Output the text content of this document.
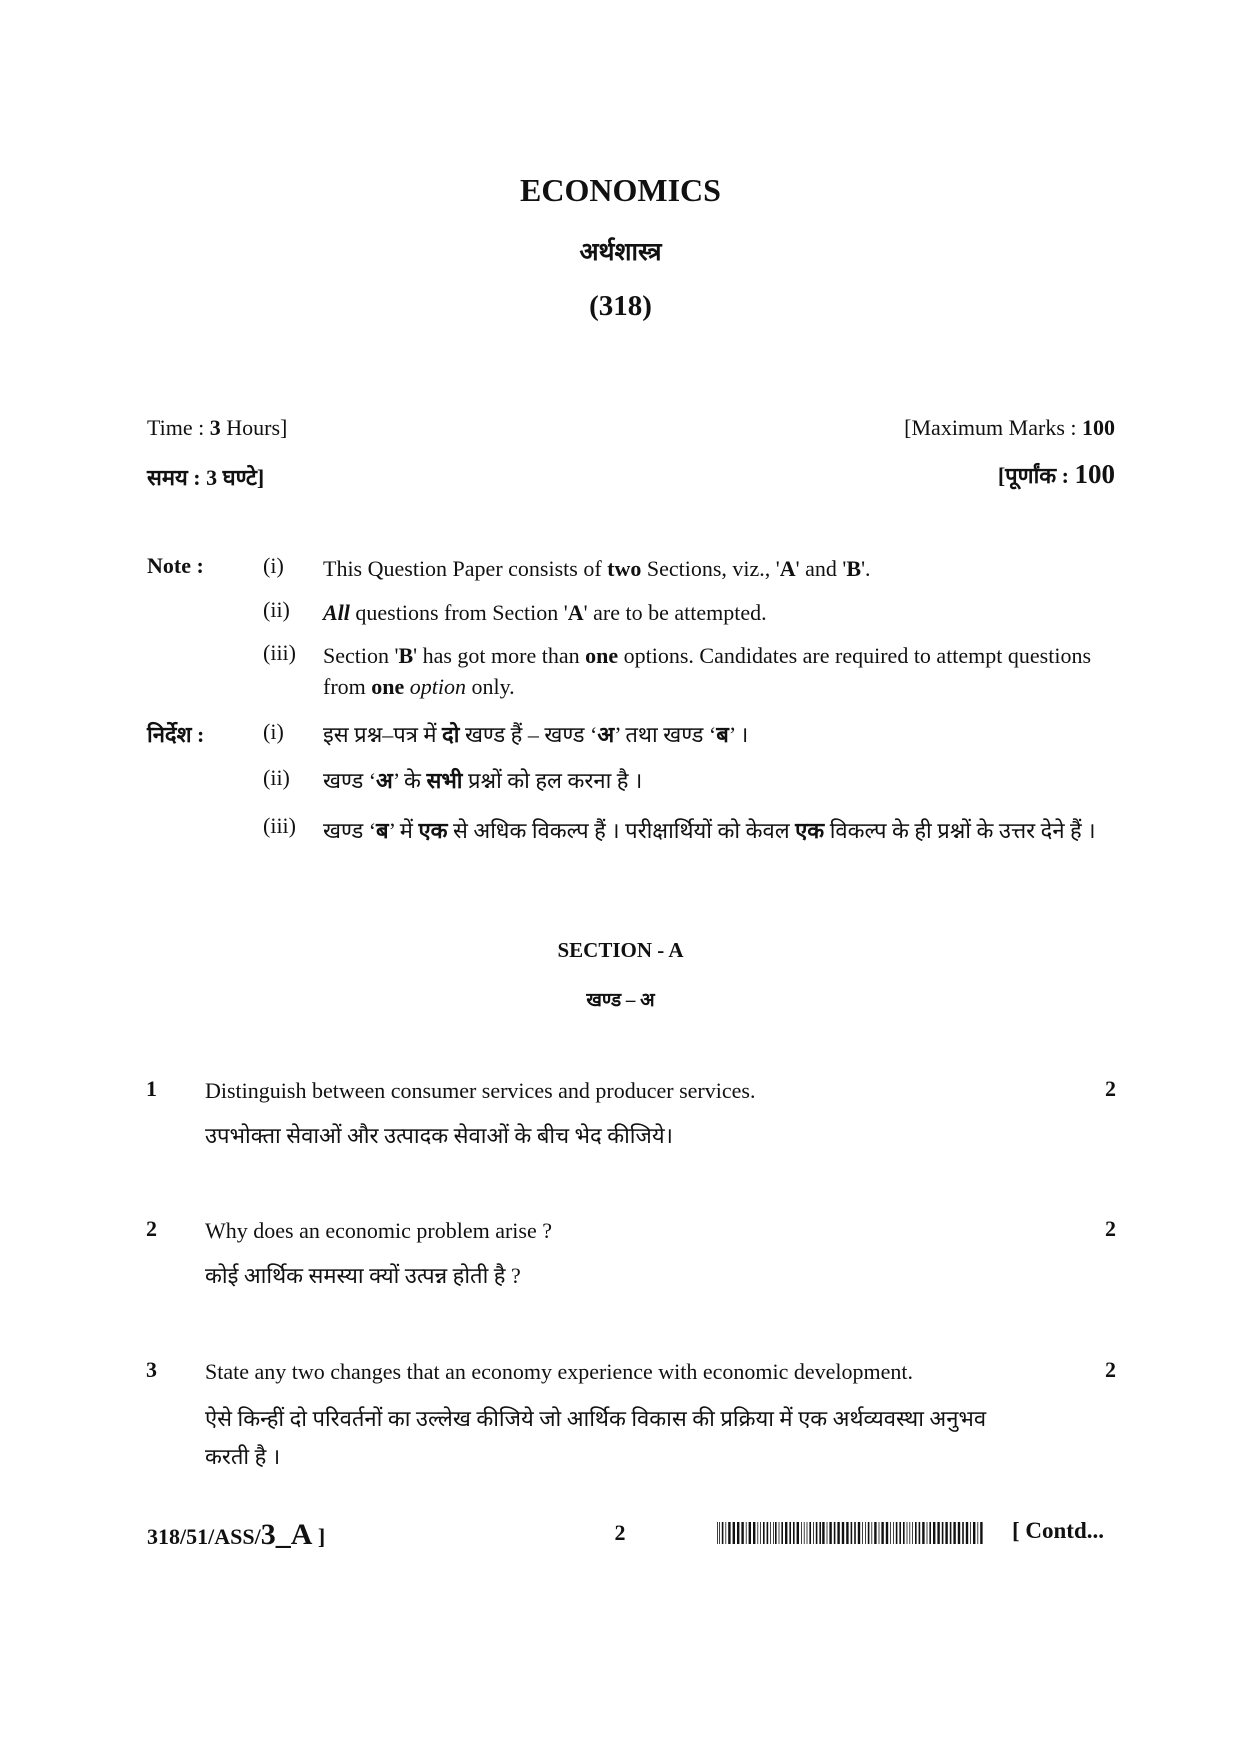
ECONOMICS
अर्थशास्त्र
(318)
Time : 3 Hours]	[Maximum Marks : 100
समय : 3 घण्टे]	[पूर्णांक : 100
Note :	(i)	This Question Paper consists of two Sections, viz., 'A' and 'B'.
(ii)	All questions from Section 'A' are to be attempted.
(iii)	Section 'B' has got more than one options. Candidates are required to attempt questions from one option only.
निर्देश :	(i)	इस प्रश्न–पत्र में दो खण्ड हैं – खण्ड ‘अ’ तथा खण्ड ‘ब’ ।
(ii)	खण्ड ‘अ’ के सभी प्रश्नों को हल करना है ।
(iii)	खण्ड ‘ब’ में एक से अधिक विकल्प हैं । परीक्षार्थियों को केवल एक विकल्प के ही प्रश्नों के उत्तर देने हैं ।
SECTION - A
खण्ड – अ
1 Distinguish between consumer services and producer services.	2
उपभोक्ता सेवाओं और उत्पादक सेवाओं के बीच भेद कीजिये।
2 Why does an economic problem arise ?	2
कोई आर्थिक समस्या क्यों उत्पन्न होती है ?
3 State any two changes that an economy experience with economic development.	2
ऐसे किन्हीं दो परिवर्तनों का उल्लेख कीजिये जो आर्थिक विकास की प्रक्रिया में एक अर्थव्यवस्था अनुभव करती है ।
318/51/ASS/3_A ]	2	[ Contd...
